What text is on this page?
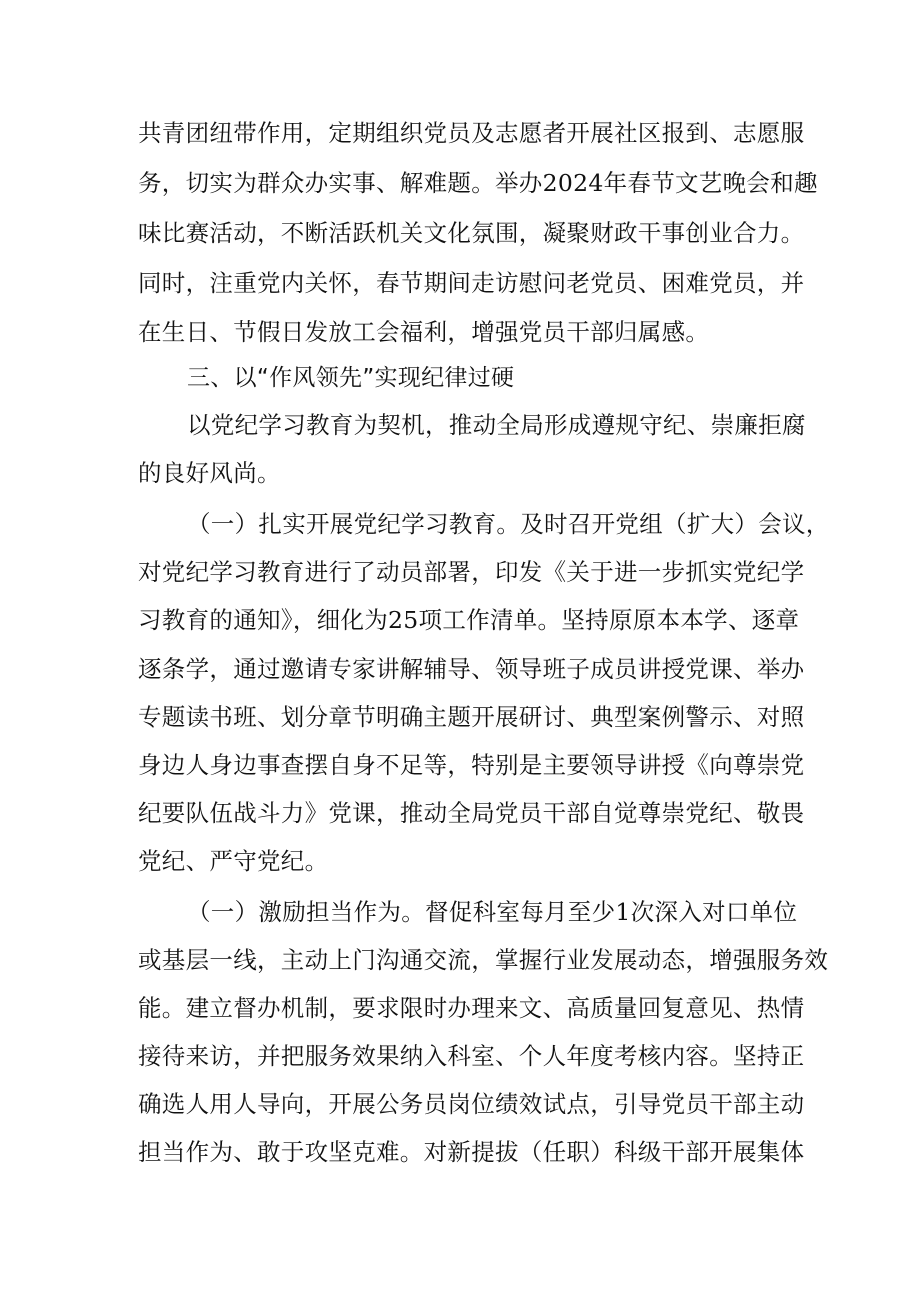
共青团纽带作用，定期组织党员及志愿者开展社区报到、志愿服
务，切实为群众办实事、解难题。举办2024年春节文艺晚会和趣
味比赛活动，不断活跃机关文化氛围，凝聚财政干事创业合力。
同时，注重党内关怀，春节期间走访慰问老党员、困难党员，并
在生日、节假日发放工会福利，增强党员干部归属感。
三、以“作风领先”实现纪律过硬
以党纪学习教育为契机，推动全局形成遵规守纪、崇廉拒腐
的良好风尚。
（一）扎实开展党纪学习教育。及时召开党组（扩大）会议，
对党纪学习教育进行了动员部署，印发《关于进一步抓实党纪学
习教育的通知》，细化为25项工作清单。坚持原原本本学、逐章
逐条学，通过邀请专家讲解辅导、领导班子成员讲授党课、举办
专题读书班、划分章节明确主题开展研讨、典型案例警示、对照
身边人身边事查摆自身不足等，特别是主要领导讲授《向尊崇党
纪要队伍战斗力》党课，推动全局党员干部自觉尊崇党纪、敬畏
党纪、严守党纪。
（一）激励担当作为。督促科室每月至少1次深入对口单位
或基层一线，主动上门沟通交流，掌握行业发展动态，增强服务效
能。建立督办机制，要求限时办理来文、高质量回复意见、热情
接待来访，并把服务效果纳入科室、个人年度考核内容。坚持正
确选人用人导向，开展公务员岗位绩效试点，引导党员干部主动
担当作为、敢于攻坚克难。对新提拔（任职）科级干部开展集体
